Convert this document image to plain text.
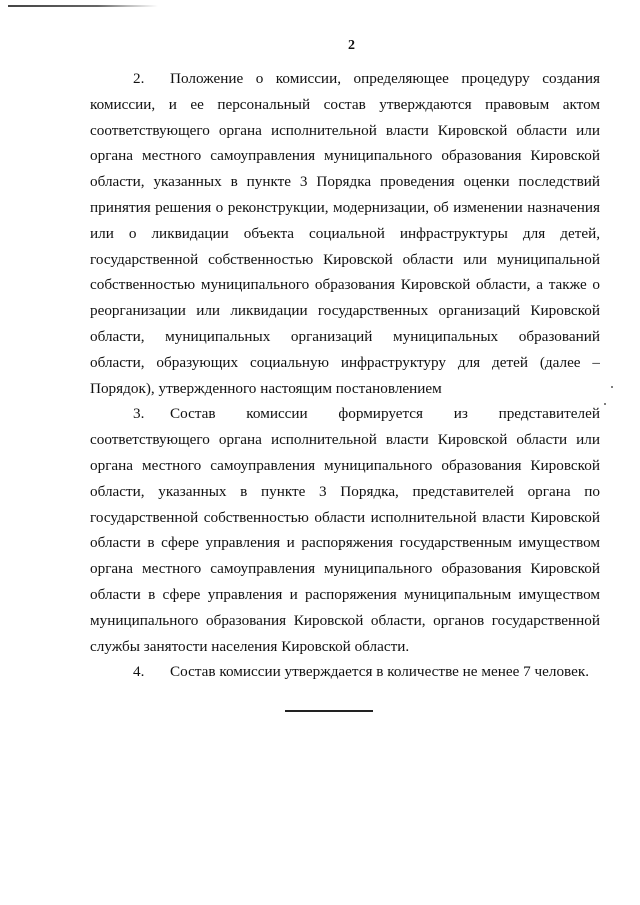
2
2.	Положение о комиссии, определяющее процедуру создания
комиссии, и ее персональный состав утверждаются правовым актом
соответствующего органа исполнительной власти Кировской области или
органа местного самоуправления муниципального образования Кировской
области, указанных в пункте 3 Порядка проведения оценки последствий
принятия решения о реконструкции, модернизации, об изменении назначения
или о ликвидации объекта социальной инфраструктуры для детей,
государственной собственностью Кировской области или муниципальной
собственностью муниципального образования Кировской области, а также о
реорганизации или ликвидации государственных организаций Кировской
области, муниципальных организаций муниципальных образований
области, образующих социальную инфраструктуру для детей (далее –
Порядок), утвержденного настоящим постановлением
3.	Состав комиссии формируется из представителей
соответствующего органа исполнительной власти Кировской области или
органа местного самоуправления муниципального образования Кировской
области, указанных в пункте 3 Порядка, представителей органа по
государственной собственностью области исполнительной власти Кировской
области в сфере управления и распоряжения государственным имуществом
органа местного самоуправления муниципального образования Кировской
области в сфере управления и распоряжения муниципальным имуществом
муниципального образования Кировской области, органов государственной
службы занятости населения Кировской области.
4.	Состав комиссии утверждается в количестве не менее 7 человек.
